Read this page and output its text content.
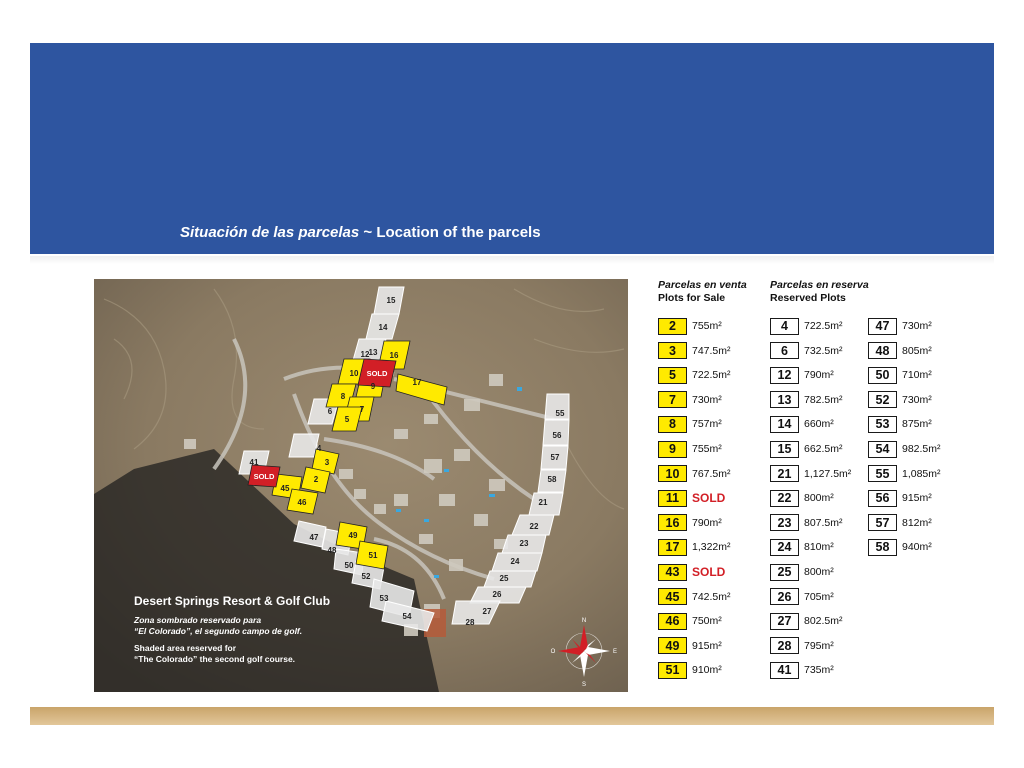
Situación de las parcelas ~ Location of the parcels
15
14
13
12	16
10
9	17
8
7
5
6
4
3
2
41
45
46
47
48
50
49
51
52
53
54
55
56
57
58
21
22
23
24
25
26
27
28
SOLD
SOLD
Desert Springs Resort & Golf Club
Zona sombrado reservado para
“El Colorado”, el segundo campo de golf.
Shaded area reserved for
“The Colorado” the second golf course.
N
S
E
O
Parcelas en venta
Plots for Sale
Parcelas en reserva
Reserved Plots
2	755m²
3	747.5m²
5	722.5m²
7	730m²
8	757m²
9	755m²
10	767.5m²
11	SOLD
16	790m²
17	1,322m²
43	SOLD
45	742.5m²
46	750m²
49	915m²
51	910m²
4	722.5m²
6	732.5m²
12	790m²
13	782.5m²
14	660m²
15	662.5m²
21	1,127.5m²
22	800m²
23	807.5m²
24	810m²
25	800m²
26	705m²
27	802.5m²
28	795m²
41	735m²
47	730m²
48	805m²
50	710m²
52	730m²
53	875m²
54	982.5m²
55	1,085m²
56	915m²
57	812m²
58	940m²
